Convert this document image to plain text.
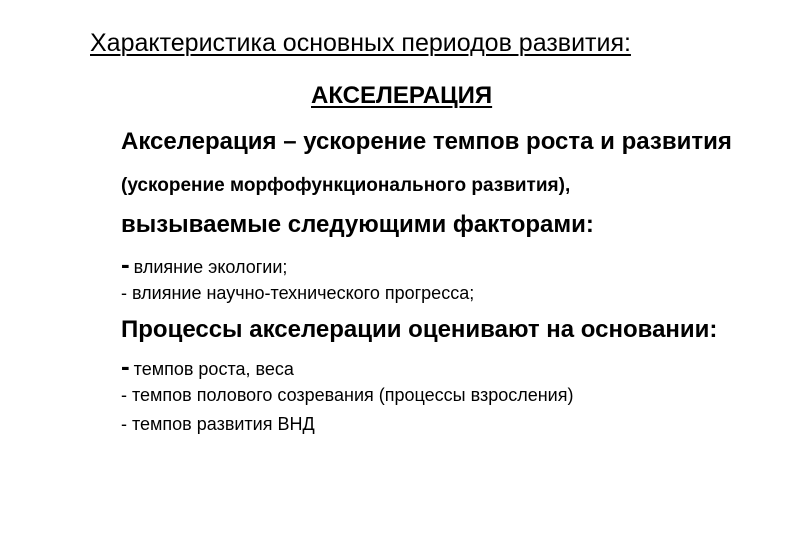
Характеристика основных периодов развития:
АКСЕЛЕРАЦИЯ
Акселерация – ускорение темпов роста и развития
(ускорение морфофункционального развития),
вызываемые следующими факторами:
- влияние экологии;
- влияние научно-технического прогресса;
Процессы акселерации оценивают на основании:
- темпов роста, веса
- темпов полового созревания (процессы взросления)
- темпов развития ВНД
